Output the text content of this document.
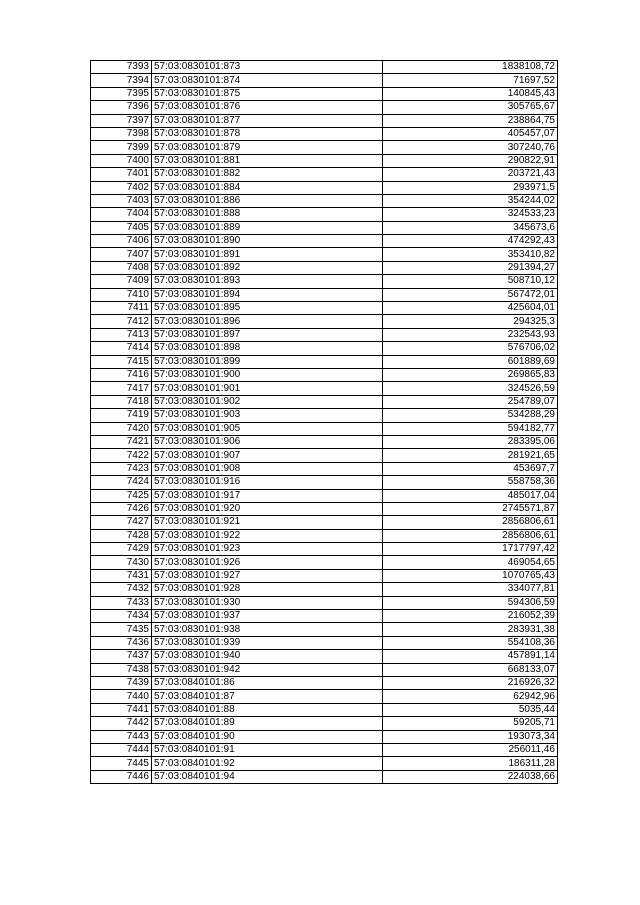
7393	57:03:0830101:873	1838108,72
7394	57:03:0830101:874	71697,52
7395	57:03:0830101:875	140845,43
7396	57:03:0830101:876	305765,67
7397	57:03:0830101:877	238864,75
7398	57:03:0830101:878	405457,07
7399	57:03:0830101:879	307240,76
7400	57:03:0830101:881	290822,91
7401	57:03:0830101:882	203721,43
7402	57:03:0830101:884	293971,5
7403	57:03:0830101:886	354244,02
7404	57:03:0830101:888	324533,23
7405	57:03:0830101:889	345673,6
7406	57:03:0830101:890	474292,43
7407	57:03:0830101:891	353410,82
7408	57:03:0830101:892	291394,27
7409	57:03:0830101:893	508710,12
7410	57:03:0830101:894	567472,01
7411	57:03:0830101:895	425604,01
7412	57:03:0830101:896	294325,3
7413	57:03:0830101:897	232543,93
7414	57:03:0830101:898	576706,02
7415	57:03:0830101:899	601889,69
7416	57:03:0830101:900	269865,83
7417	57:03:0830101:901	324526,59
7418	57:03:0830101:902	254789,07
7419	57:03:0830101:903	534288,29
7420	57:03:0830101:905	594182,77
7421	57:03:0830101:906	283395,06
7422	57:03:0830101:907	281921,65
7423	57:03:0830101:908	453697,7
7424	57:03:0830101:916	558758,36
7425	57:03:0830101:917	485017,04
7426	57:03:0830101:920	2745571,87
7427	57:03:0830101:921	2856806,61
7428	57:03:0830101:922	2856806,61
7429	57:03:0830101:923	1717797,42
7430	57:03:0830101:926	469054,65
7431	57:03:0830101:927	1070765,43
7432	57:03:0830101:928	334077,81
7433	57:03:0830101:930	594306,59
7434	57:03:0830101:937	216052,39
7435	57:03:0830101:938	283931,38
7436	57:03:0830101:939	554108,36
7437	57:03:0830101:940	457891,14
7438	57:03:0830101:942	668133,07
7439	57:03:0840101:86	216926,32
7440	57:03:0840101:87	62942,96
7441	57:03:0840101:88	5035,44
7442	57:03:0840101:89	59205,71
7443	57:03:0840101:90	193073,34
7444	57:03:0840101:91	256011,46
7445	57:03:0840101:92	186311,28
7446	57:03:0840101:94	224038,66
